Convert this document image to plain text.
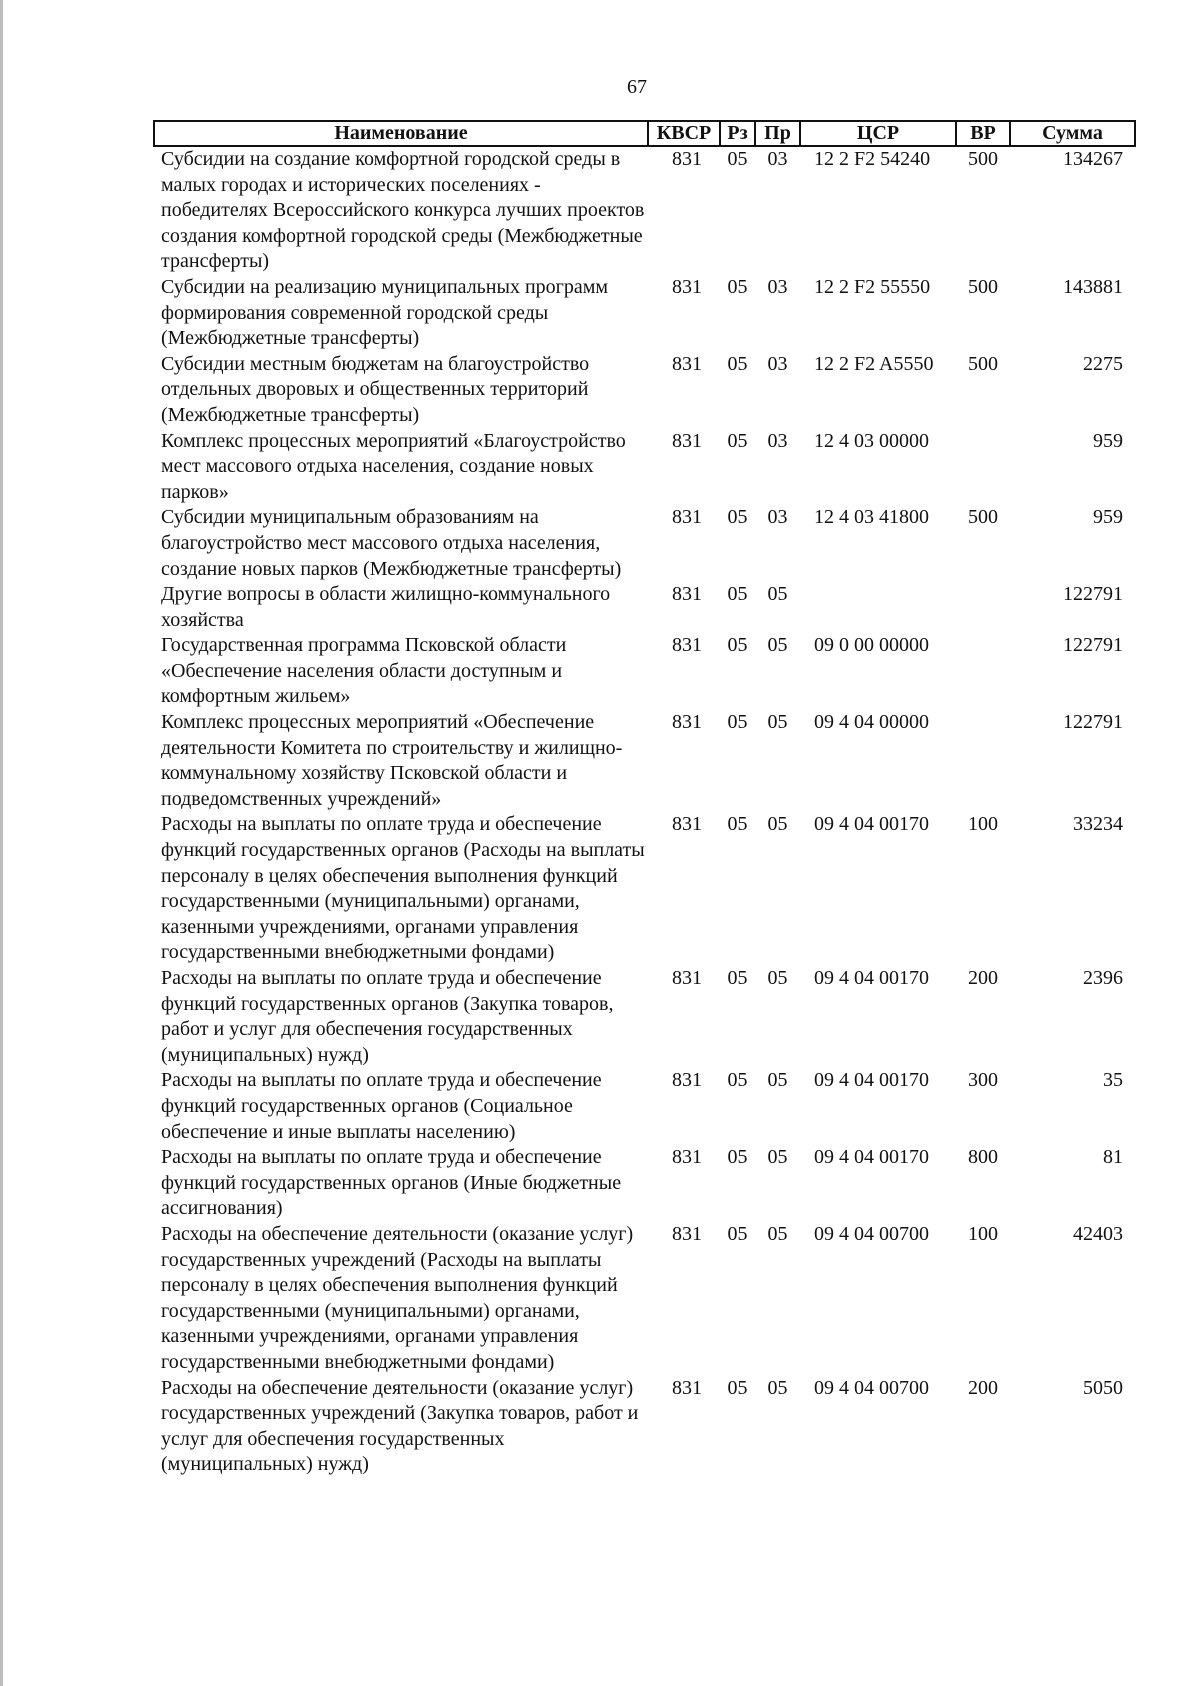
67
Наименование	КВСР	Рз	Пр	ЦСР	ВР	Сумма
Субсидии на создание комфортной городской среды в малых городах и исторических поселениях - победителях Всероссийского конкурса лучших проектов создания комфортной городской среды (Межбюджетные трансферты)	831	05	03	12 2 F2 54240	500	134267
Субсидии на реализацию муниципальных программ формирования современной городской среды (Межбюджетные трансферты)	831	05	03	12 2 F2 55550	500	143881
Субсидии местным бюджетам на благоустройство отдельных дворовых и общественных территорий (Межбюджетные трансферты)	831	05	03	12 2 F2 A5550	500	2275
Комплекс процессных мероприятий «Благоустройство мест массового отдыха населения, создание новых парков»	831	05	03	12 4 03 00000		959
Субсидии муниципальным образованиям на благоустройство мест массового отдыха населения, создание новых парков (Межбюджетные трансферты)	831	05	03	12 4 03 41800	500	959
Другие вопросы в области жилищно-коммунального хозяйства	831	05	05			122791
Государственная программа Псковской области «Обеспечение населения области доступным и комфортным жильем»	831	05	05	09 0 00 00000		122791
Комплекс процессных мероприятий «Обеспечение деятельности Комитета по строительству и жилищно-коммунальному хозяйству Псковской области и подведомственных учреждений»	831	05	05	09 4 04 00000		122791
Расходы на выплаты по оплате труда и обеспечение функций государственных органов (Расходы на выплаты персоналу в целях обеспечения выполнения функций государственными (муниципальными) органами, казенными учреждениями, органами управления государственными внебюджетными фондами)	831	05	05	09 4 04 00170	100	33234
Расходы на выплаты по оплате труда и обеспечение функций государственных органов (Закупка товаров, работ и услуг для обеспечения государственных (муниципальных) нужд)	831	05	05	09 4 04 00170	200	2396
Расходы на выплаты по оплате труда и обеспечение функций государственных органов (Социальное обеспечение и иные выплаты населению)	831	05	05	09 4 04 00170	300	35
Расходы на выплаты по оплате труда и обеспечение функций государственных органов (Иные бюджетные ассигнования)	831	05	05	09 4 04 00170	800	81
Расходы на обеспечение деятельности (оказание услуг) государственных учреждений (Расходы на выплаты персоналу в целях обеспечения выполнения функций государственными (муниципальными) органами, казенными учреждениями, органами управления государственными внебюджетными фондами)	831	05	05	09 4 04 00700	100	42403
Расходы на обеспечение деятельности (оказание услуг) государственных учреждений (Закупка товаров, работ и услуг для обеспечения государственных (муниципальных) нужд)	831	05	05	09 4 04 00700	200	5050
